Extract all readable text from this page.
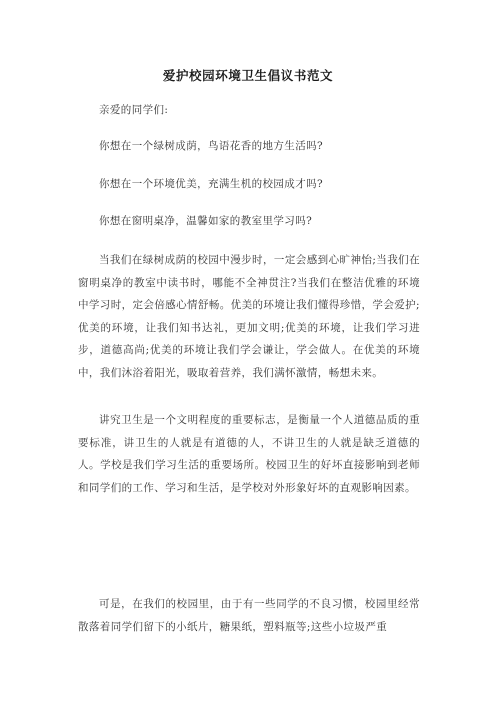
爱护校园环境卫生倡议书范文

亲爱的同学们:

你想在一个绿树成荫，鸟语花香的地方生活吗?

你想在一个环境优美，充满生机的校园成才吗?

你想在窗明桌净，温馨如家的教室里学习吗?

当我们在绿树成荫的校园中漫步时，一定会感到心旷神怡;当我们在窗明桌净的教室中读书时，哪能不全神贯注?当我们在整洁优雅的环境中学习时，定会倍感心情舒畅。优美的环境让我们懂得珍惜，学会爱护;优美的环境，让我们知书达礼，更加文明;优美的环境，让我们学习进步，道德高尚;优美的环境让我们学会谦让，学会做人。在优美的环境中，我们沐浴着阳光，吸取着营养，我们满怀激情，畅想未来。

讲究卫生是一个文明程度的重要标志，是衡量一个人道德品质的重要标准，讲卫生的人就是有道德的人，不讲卫生的人就是缺乏道德的人。学校是我们学习生活的重要场所。校园卫生的好坏直接影响到老师和同学们的工作、学习和生活，是学校对外形象好坏的直观影响因素。

可是，在我们的校园里，由于有一些同学的不良习惯，校园里经常散落着同学们留下的小纸片，糖果纸，塑料瓶等;这些小垃圾严重
